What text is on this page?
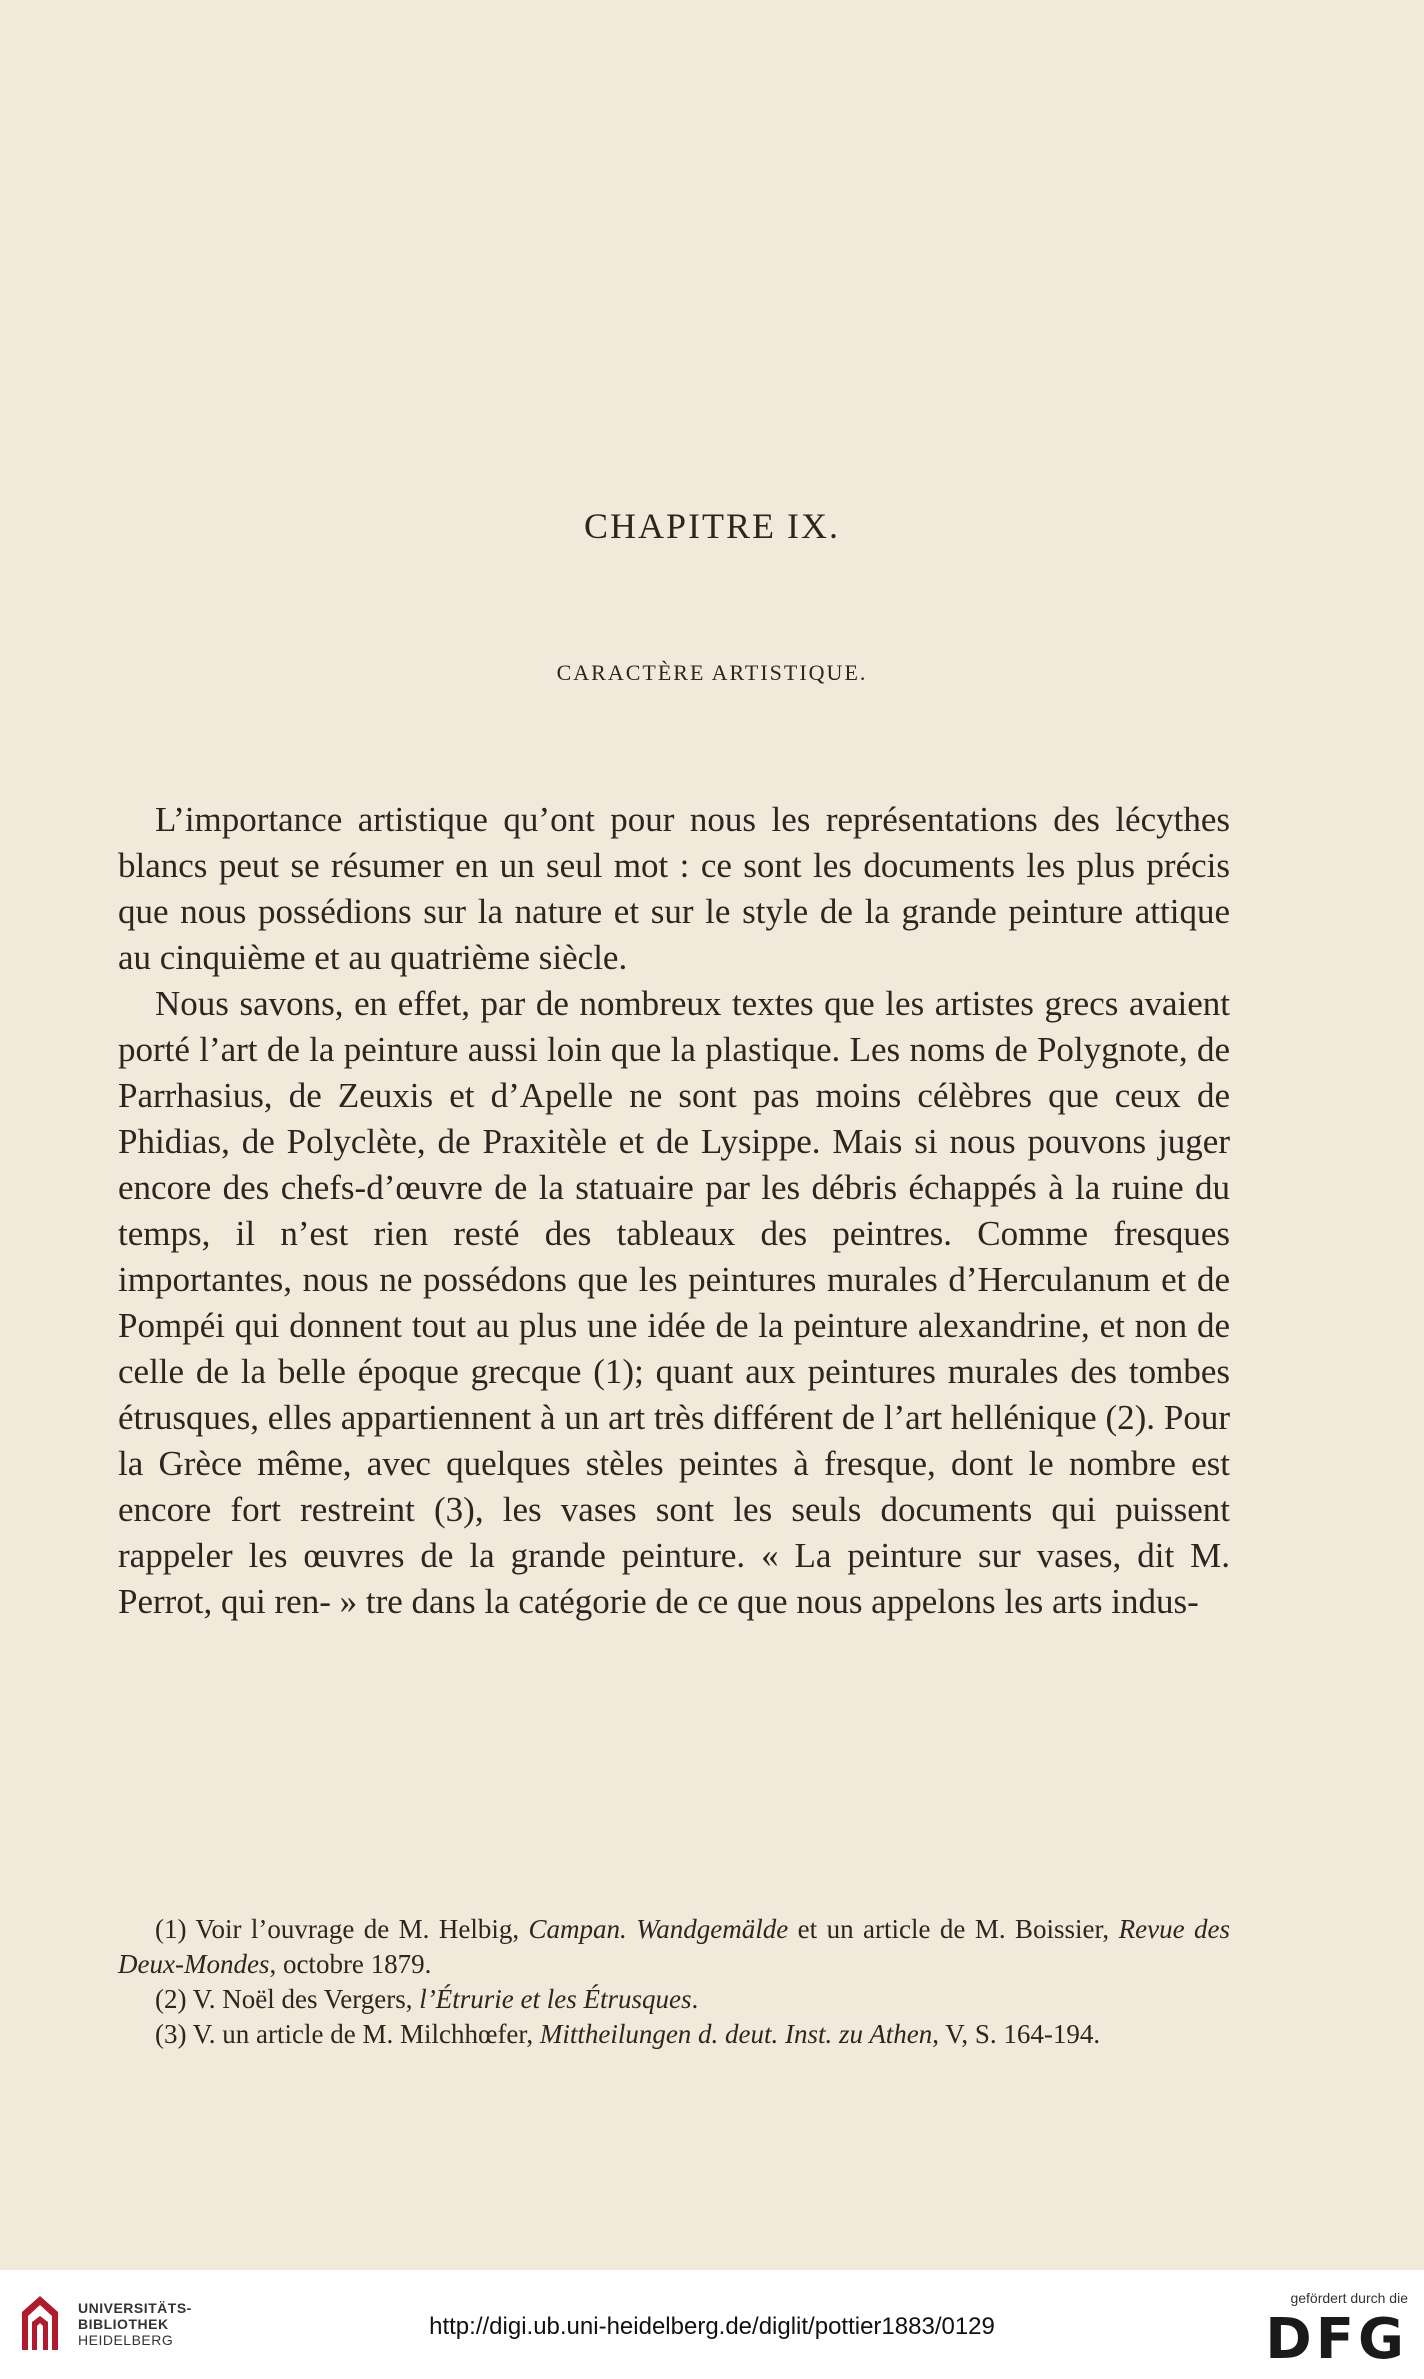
CHAPITRE IX.
CARACTÈRE ARTISTIQUE.

L’importance artistique qu’ont pour nous les représentations des lécythes blancs peut se résumer en un seul mot : ce sont les documents les plus précis que nous possédions sur la nature et sur le style de la grande peinture attique au cinquième et au quatrième siècle.

Nous savons, en effet, par de nombreux textes que les artistes grecs avaient porté l’art de la peinture aussi loin que la plastique. Les noms de Polygnote, de Parrhasius, de Zeuxis et d’Apelle ne sont pas moins célèbres que ceux de Phidias, de Polyclète, de Praxitèle et de Lysippe. Mais si nous pouvons juger encore des chefs-d’œuvre de la statuaire par les débris échappés à la ruine du temps, il n’est rien resté des tableaux des peintres. Comme fresques importantes, nous ne possédons que les peintures murales d’Herculanum et de Pompéi qui donnent tout au plus une idée de la peinture alexandrine, et non de celle de la belle époque grecque (1); quant aux peintures murales des tombes étrusques, elles appartiennent à un art très différent de l’art hellénique (2). Pour la Grèce même, avec quelques stèles peintes à fresque, dont le nombre est encore fort restreint (3), les vases sont les seuls documents qui puissent rappeler les œuvres de la grande peinture. « La peinture sur vases, dit M. Perrot, qui ren- » tre dans la catégorie de ce que nous appelons les arts indus-

(1) Voir l’ouvrage de M. Helbig, Campan. Wandgemälde et un article de M. Boissier, Revue des Deux-Mondes, octobre 1879.

(2) V. Noël des Vergers, l’Étrurie et les Étrusques.

(3) V. un article de M. Milchhœfer, Mittheilungen d. deut. Inst. zu Athen, V, S. 164-194.

UNIVERSITÄTS-
BIBLIOTHEK
HEIDELBERG	http://digi.ub.uni-heidelberg.de/diglit/pottier1883/0129
gefördert durch die
DFG
